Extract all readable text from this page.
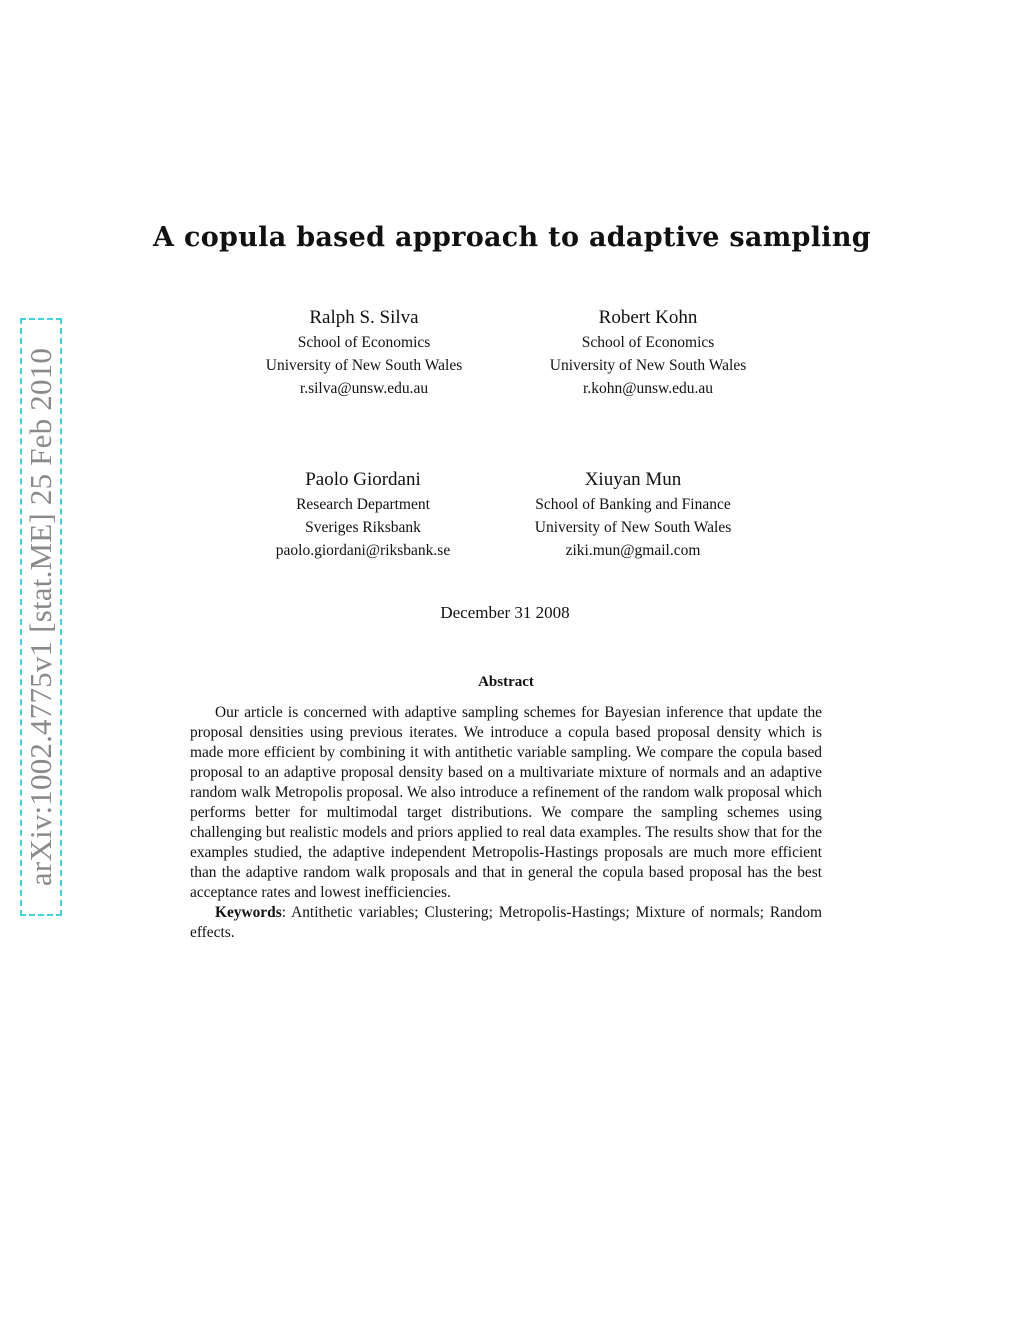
arXiv:1002.4775v1 [stat.ME] 25 Feb 2010
A copula based approach to adaptive sampling
Ralph S. Silva
School of Economics
University of New South Wales
r.silva@unsw.edu.au
Robert Kohn
School of Economics
University of New South Wales
r.kohn@unsw.edu.au
Paolo Giordani
Research Department
Sveriges Riksbank
paolo.giordani@riksbank.se
Xiuyan Mun
School of Banking and Finance
University of New South Wales
ziki.mun@gmail.com
December 31 2008
Abstract

Our article is concerned with adaptive sampling schemes for Bayesian inference that update the proposal densities using previous iterates. We introduce a copula based proposal density which is made more efficient by combining it with antithetic variable sampling. We compare the copula based proposal to an adaptive proposal density based on a multivariate mixture of normals and an adaptive random walk Metropolis proposal. We also introduce a refinement of the random walk proposal which performs better for multimodal target distributions. We compare the sampling schemes using challenging but realistic models and priors applied to real data examples. The results show that for the examples studied, the adaptive independent Metropolis-Hastings proposals are much more efficient than the adaptive random walk proposals and that in general the copula based proposal has the best acceptance rates and lowest inefficiencies.

Keywords: Antithetic variables; Clustering; Metropolis-Hastings; Mixture of normals; Random effects.
